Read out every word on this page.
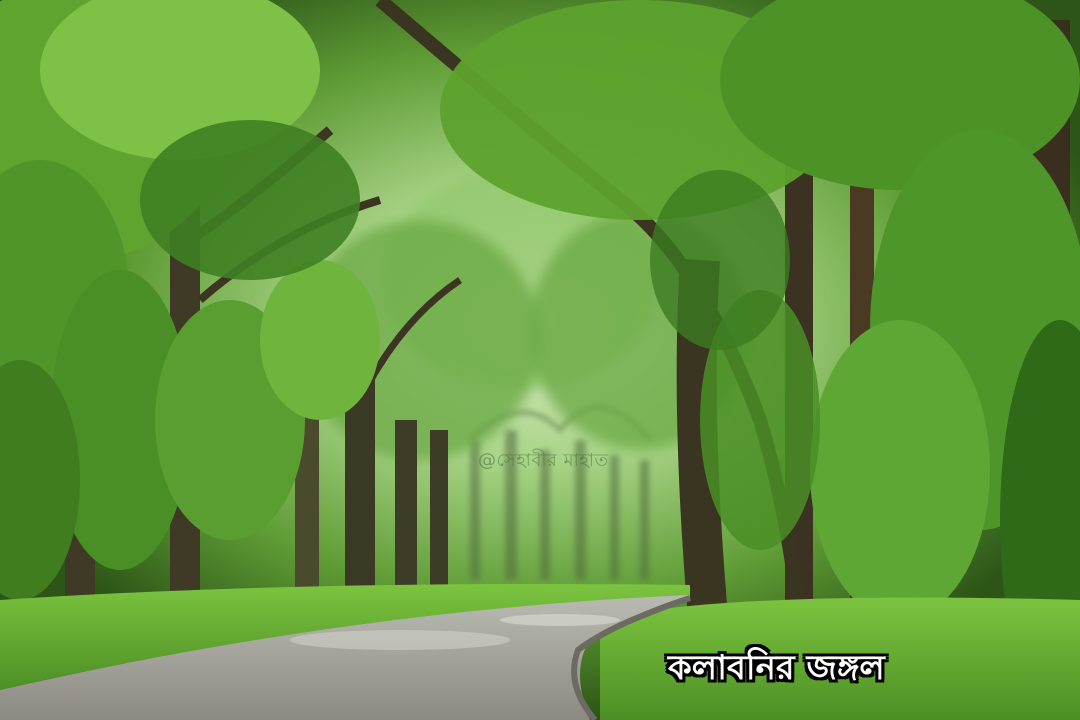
@সেহাবীর মাহাত
কলাবনির জঙ্গল
